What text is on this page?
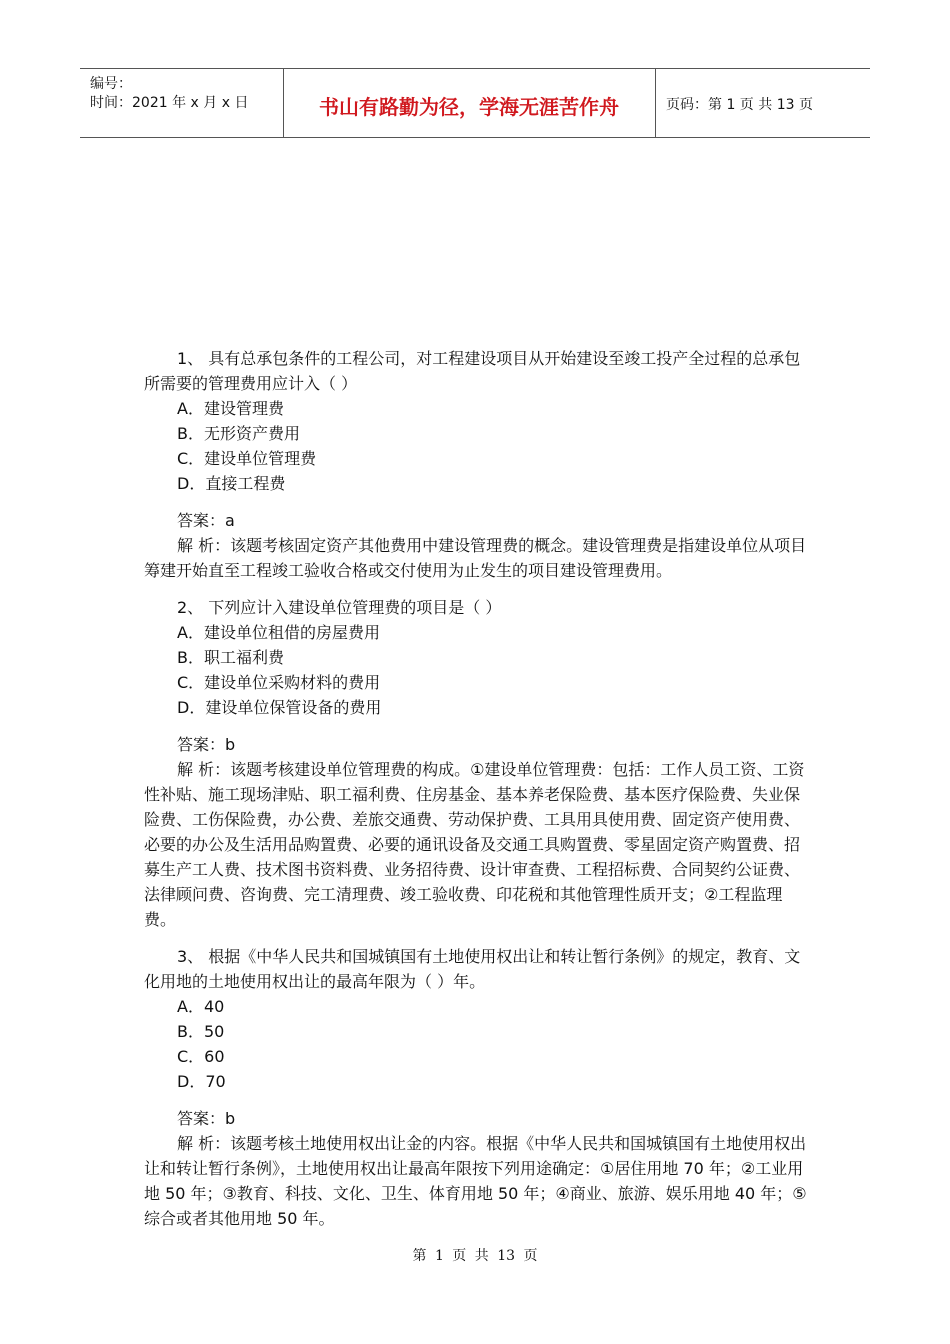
编号：
时间：2021 年 x 月 x 日	书山有路勤为径，学海无涯苦作舟	页码：第 1 页 共 13 页

1、 具有总承包条件的工程公司，对工程建设项目从开始建设至竣工投产全过程的总承包所需要的管理费用应计入（ ）

A．建设管理费

B．无形资产费用

C．建设单位管理费

D．直接工程费

答案：a

解 析：该题考核固定资产其他费用中建设管理费的概念。建设管理费是指建设单位从项目筹建开始直至工程竣工验收合格或交付使用为止发生的项目建设管理费用。

2、 下列应计入建设单位管理费的项目是（ ）

A．建设单位租借的房屋费用

B．职工福利费

C．建设单位采购材料的费用

D．建设单位保管设备的费用

答案：b

解 析：该题考核建设单位管理费的构成。①建设单位管理费：包括：工作人员工资、工资性补贴、施工现场津贴、职工福利费、住房基金、基本养老保险费、基本医疗保险费、失业保险费、工伤保险费，办公费、差旅交通费、劳动保护费、工具用具使用费、固定资产使用费、必要的办公及生活用品购置费、必要的通讯设备及交通工具购置费、零星固定资产购置费、招募生产工人费、技术图书资料费、业务招待费、设计审查费、工程招标费、合同契约公证费、法律顾问费、咨询费、完工清理费、竣工验收费、印花税和其他管理性质开支；②工程监理费。

3、 根据《中华人民共和国城镇国有土地使用权出让和转让暂行条例》的规定，教育、文化用地的土地使用权出让的最高年限为（ ）年。

A．40

B．50

C．60

D．70

答案：b

解 析：该题考核土地使用权出让金的内容。根据《中华人民共和国城镇国有土地使用权出让和转让暂行条例》，土地使用权出让最高年限按下列用途确定：①居住用地 70 年；②工业用地 50 年；③教育、科技、文化、卫生、体育用地 50 年；④商业、旅游、娱乐用地 40 年；⑤综合或者其他用地 50 年。

第 1 页 共 13 页
